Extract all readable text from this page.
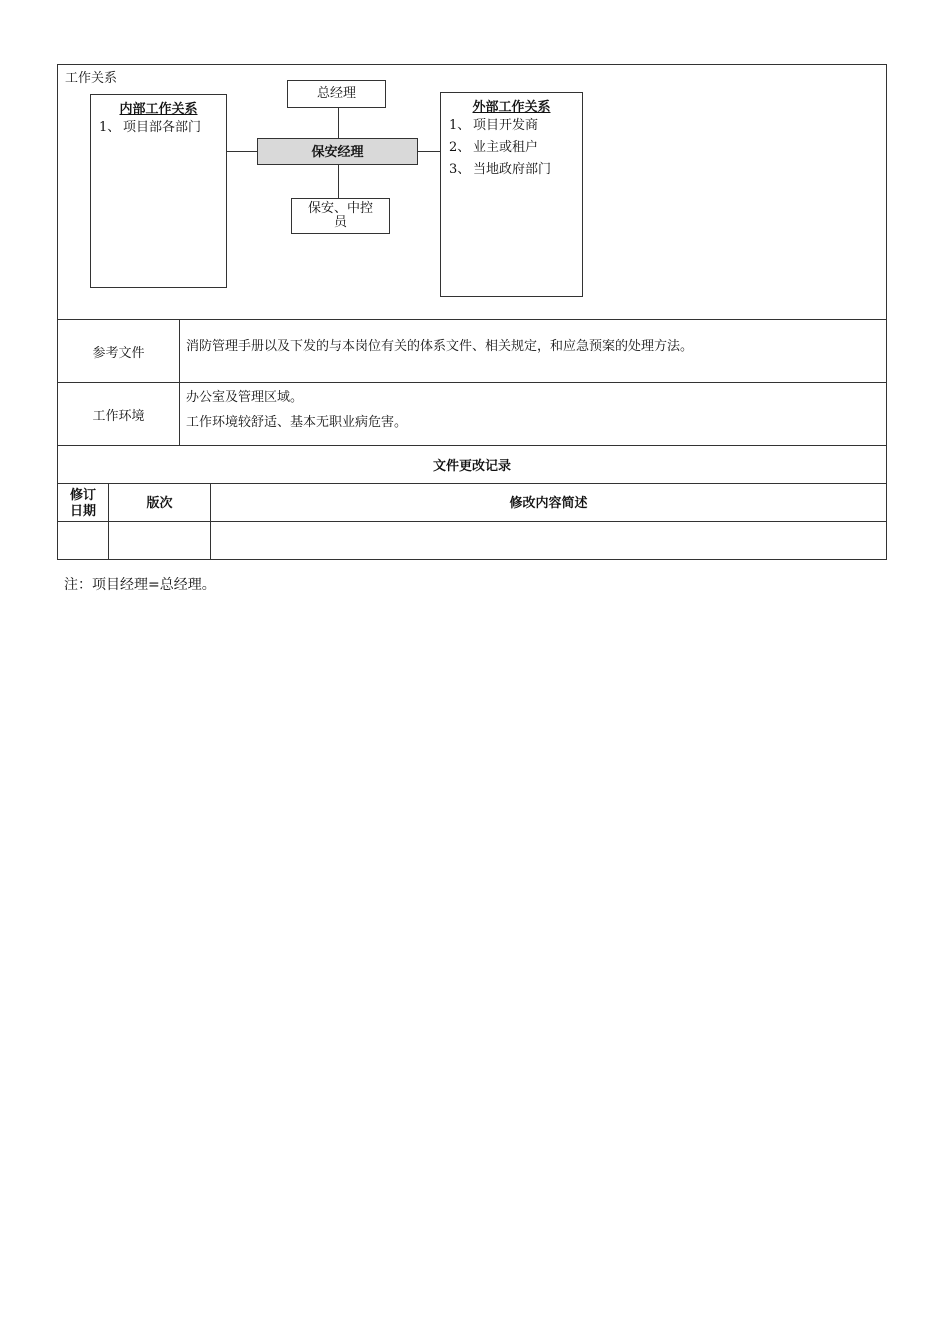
工作关系
内部工作关系
1、 项目部各部门
总经理
保安经理
保安、中控员
外部工作关系
1、 项目开发商
2、 业主或租户
3、 当地政府部门
参考文件	消防管理手册以及下发的与本岗位有关的体系文件、相关规定，和应急预案的处理方法。

工作环境

办公室及管理区域。

工作环境较舒适、基本无职业病危害。

文件更改记录
修订日期
版次	修改内容简述
注：项目经理=总经理。
